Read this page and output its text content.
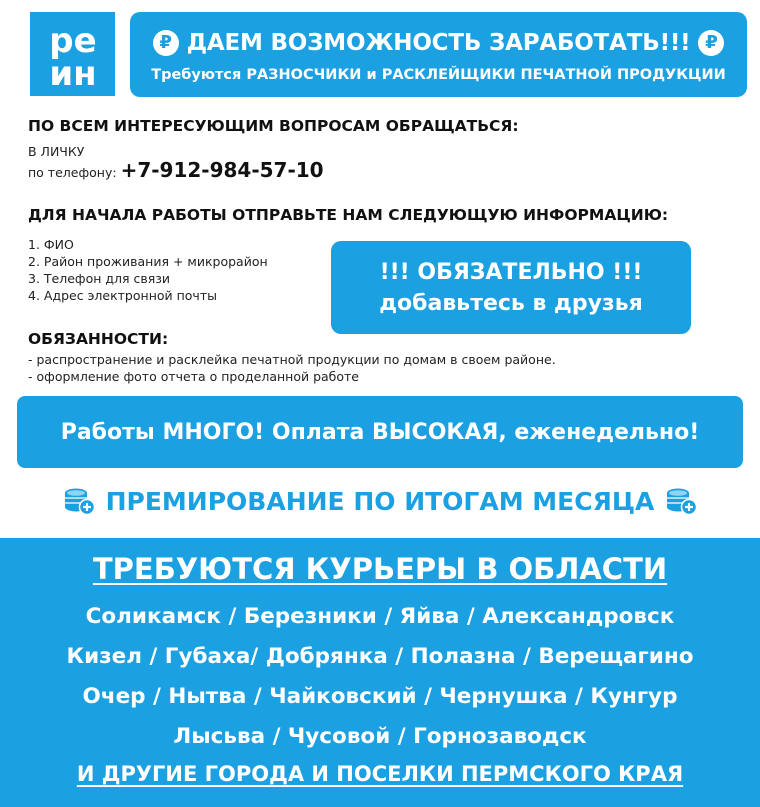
ре
ин
₽ ДАЕМ ВОЗМОЖНОСТЬ ЗАРАБОТАТЬ!!! ₽
Требуются РАЗНОСЧИКИ и РАСКЛЕЙЩИКИ ПЕЧАТНОЙ ПРОДУКЦИИ
ПО ВСЕМ ИНТЕРЕСУЮЩИМ ВОПРОСАМ ОБРАЩАТЬСЯ:
В ЛИЧКУ
по телефону: +7-912-984-57-10
ДЛЯ НАЧАЛА РАБОТЫ ОТПРАВЬТЕ НАМ СЛЕДУЮЩУЮ ИНФОРМАЦИЮ:
1. ФИО
2. Район проживания + микрорайон
3. Телефон для связи
4. Адрес электронной почты
!!! ОБЯЗАТЕЛЬНО !!!
добавьтесь в друзья
ОБЯЗАННОСТИ:
- распространение и расклейка печатной продукции по домам в своем районе.
- оформление фото отчета о проделанной работе
Работы МНОГО! Оплата ВЫСОКАЯ, еженедельно!
ПРЕМИРОВАНИЕ ПО ИТОГАМ МЕСЯЦА
ТРЕБУЮТСЯ КУРЬЕРЫ В ОБЛАСТИ
Соликамск / Березники / Яйва / Александровск
Кизел / Губаха/ Добрянка / Полазна / Верещагино
Очер / Нытва / Чайковский / Чернушка / Кунгур
Лысьва / Чусовой / Горнозаводск
И ДРУГИЕ ГОРОДА И ПОСЕЛКИ ПЕРМСКОГО КРАЯ
